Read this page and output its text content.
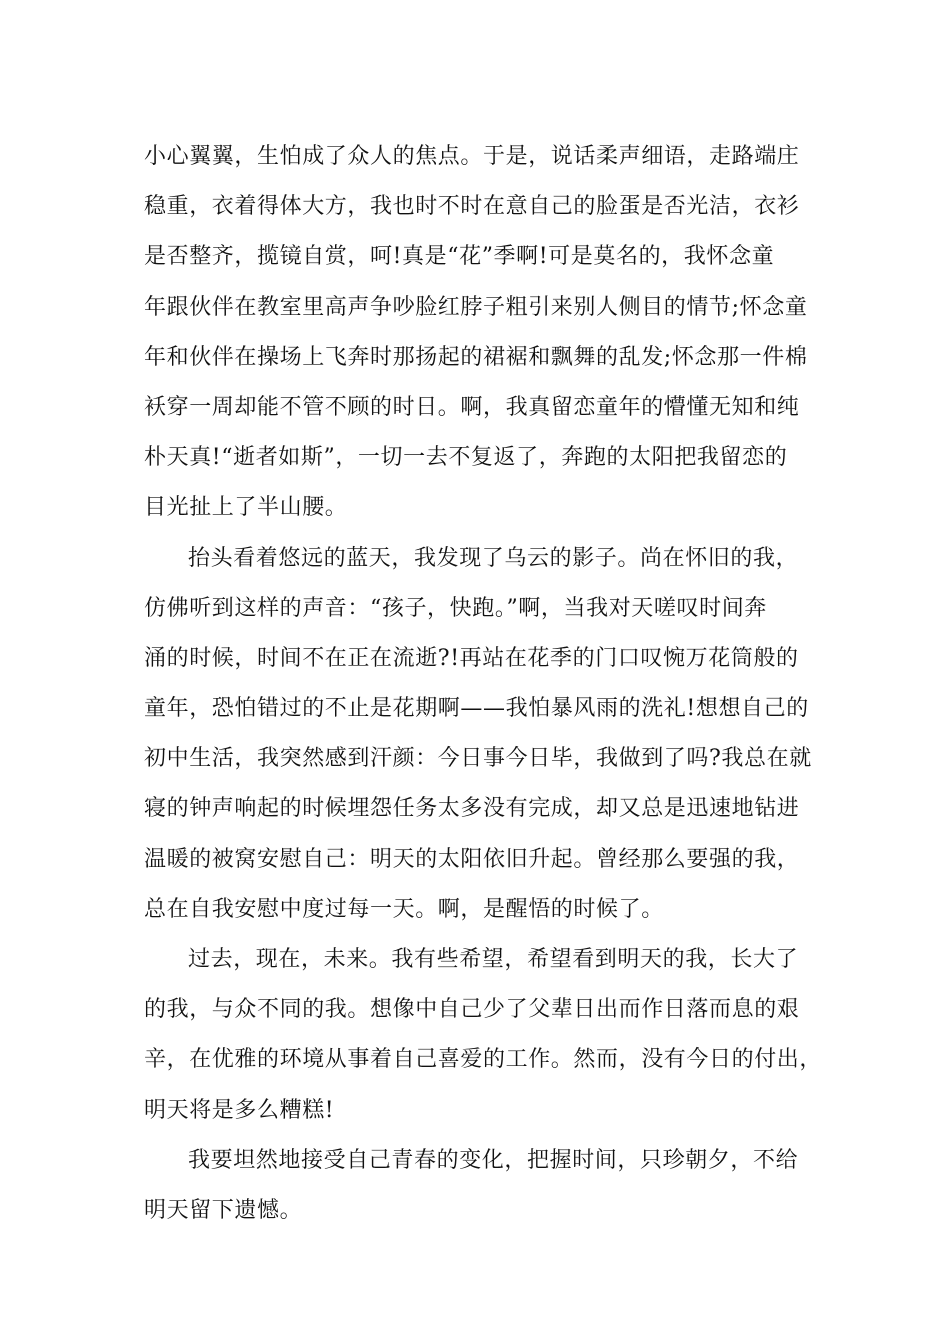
小心翼翼，生怕成了众人的焦点。于是，说话柔声细语，走路端庄
稳重，衣着得体大方，我也时不时在意自己的脸蛋是否光洁，衣衫
是否整齐，揽镜自赏，呵!真是“花”季啊!可是莫名的，我怀念童
年跟伙伴在教室里高声争吵脸红脖子粗引来别人侧目的情节;怀念童
年和伙伴在操场上飞奔时那扬起的裙裾和飘舞的乱发;怀念那一件棉
袄穿一周却能不管不顾的时日。啊，我真留恋童年的懵懂无知和纯
朴天真!“逝者如斯”，一切一去不复返了，奔跑的太阳把我留恋的
目光扯上了半山腰。
抬头看着悠远的蓝天，我发现了乌云的影子。尚在怀旧的我，
仿佛听到这样的声音：“孩子，快跑。”啊，当我对天嗟叹时间奔
涌的时候，时间不在正在流逝?!再站在花季的门口叹惋万花筒般的
童年，恐怕错过的不止是花期啊——我怕暴风雨的洗礼!想想自己的
初中生活，我突然感到汗颜：今日事今日毕，我做到了吗?我总在就
寝的钟声响起的时候埋怨任务太多没有完成，却又总是迅速地钻进
温暖的被窝安慰自己：明天的太阳依旧升起。曾经那么要强的我，
总在自我安慰中度过每一天。啊，是醒悟的时候了。
过去，现在，未来。我有些希望，希望看到明天的我，长大了
的我，与众不同的我。想像中自己少了父辈日出而作日落而息的艰
辛，在优雅的环境从事着自己喜爱的工作。然而，没有今日的付出，
明天将是多么糟糕!
我要坦然地接受自己青春的变化，把握时间，只珍朝夕，不给
明天留下遗憾。
